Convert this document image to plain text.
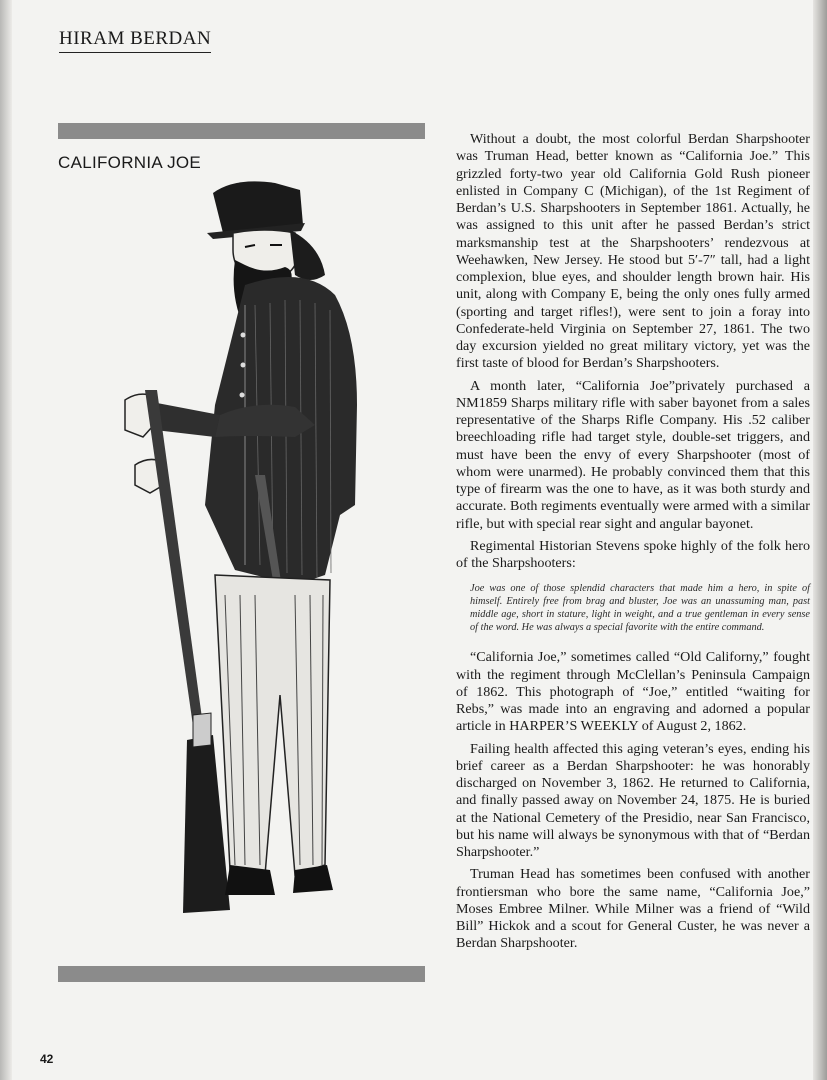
HIRAM BERDAN
CALIFORNIA JOE

Without a doubt, the most colorful Berdan Sharpshooter was Truman Head, better known as “California Joe.” This grizzled forty-two year old California Gold Rush pioneer enlisted in Company C (Michigan), of the 1st Regiment of Berdan’s U.S. Sharpshooters in September 1861. Actually, he was assigned to this unit after he passed Berdan’s strict marksmanship test at the Sharpshooters’ rendezvous at Weehawken, New Jersey. He stood but 5′-7″ tall, had a light complexion, blue eyes, and shoulder length brown hair. His unit, along with Company E, being the only ones fully armed (sporting and target rifles!), were sent to join a foray into Confederate-held Virginia on September 27, 1861. The two day excursion yielded no great military victory, yet was the first taste of blood for Berdan’s Sharpshooters.

A month later, “California Joe”privately purchased a NM1859 Sharps military rifle with saber bayonet from a sales representative of the Sharps Rifle Company. His .52 caliber breechloading rifle had target style, double-set triggers, and must have been the envy of every Sharpshooter (most of whom were unarmed). He probably convinced them that this type of firearm was the one to have, as it was both sturdy and accurate. Both regiments eventually were armed with a similar rifle, but with special rear sight and angular bayonet.

Regimental Historian Stevens spoke highly of the folk hero of the Sharpshooters:

Joe was one of those splendid characters that made him a hero, in spite of himself. Entirely free from brag and bluster, Joe was an unassuming man, past middle age, short in stature, light in weight, and a true gentleman in every sense of the word. He was always a special favorite with the entire command.

“California Joe,” sometimes called “Old Californy,” fought with the regiment through McClellan’s Peninsula Campaign of 1862. This photograph of “Joe,” entitled “waiting for Rebs,” was made into an engraving and adorned a popular article in HARPER’S WEEKLY of August 2, 1862.

Failing health affected this aging veteran’s eyes, ending his brief career as a Berdan Sharpshooter: he was honorably discharged on November 3, 1862. He returned to California, and finally passed away on November 24, 1875. He is buried at the National Cemetery of the Presidio, near San Francisco, but his name will always be synonymous with that of “Berdan Sharpshooter.”

Truman Head has sometimes been confused with another frontiersman who bore the same name, “California Joe,” Moses Embree Milner. While Milner was a friend of “Wild Bill” Hickok and a scout for General Custer, he was never a Berdan Sharpshooter.

42
